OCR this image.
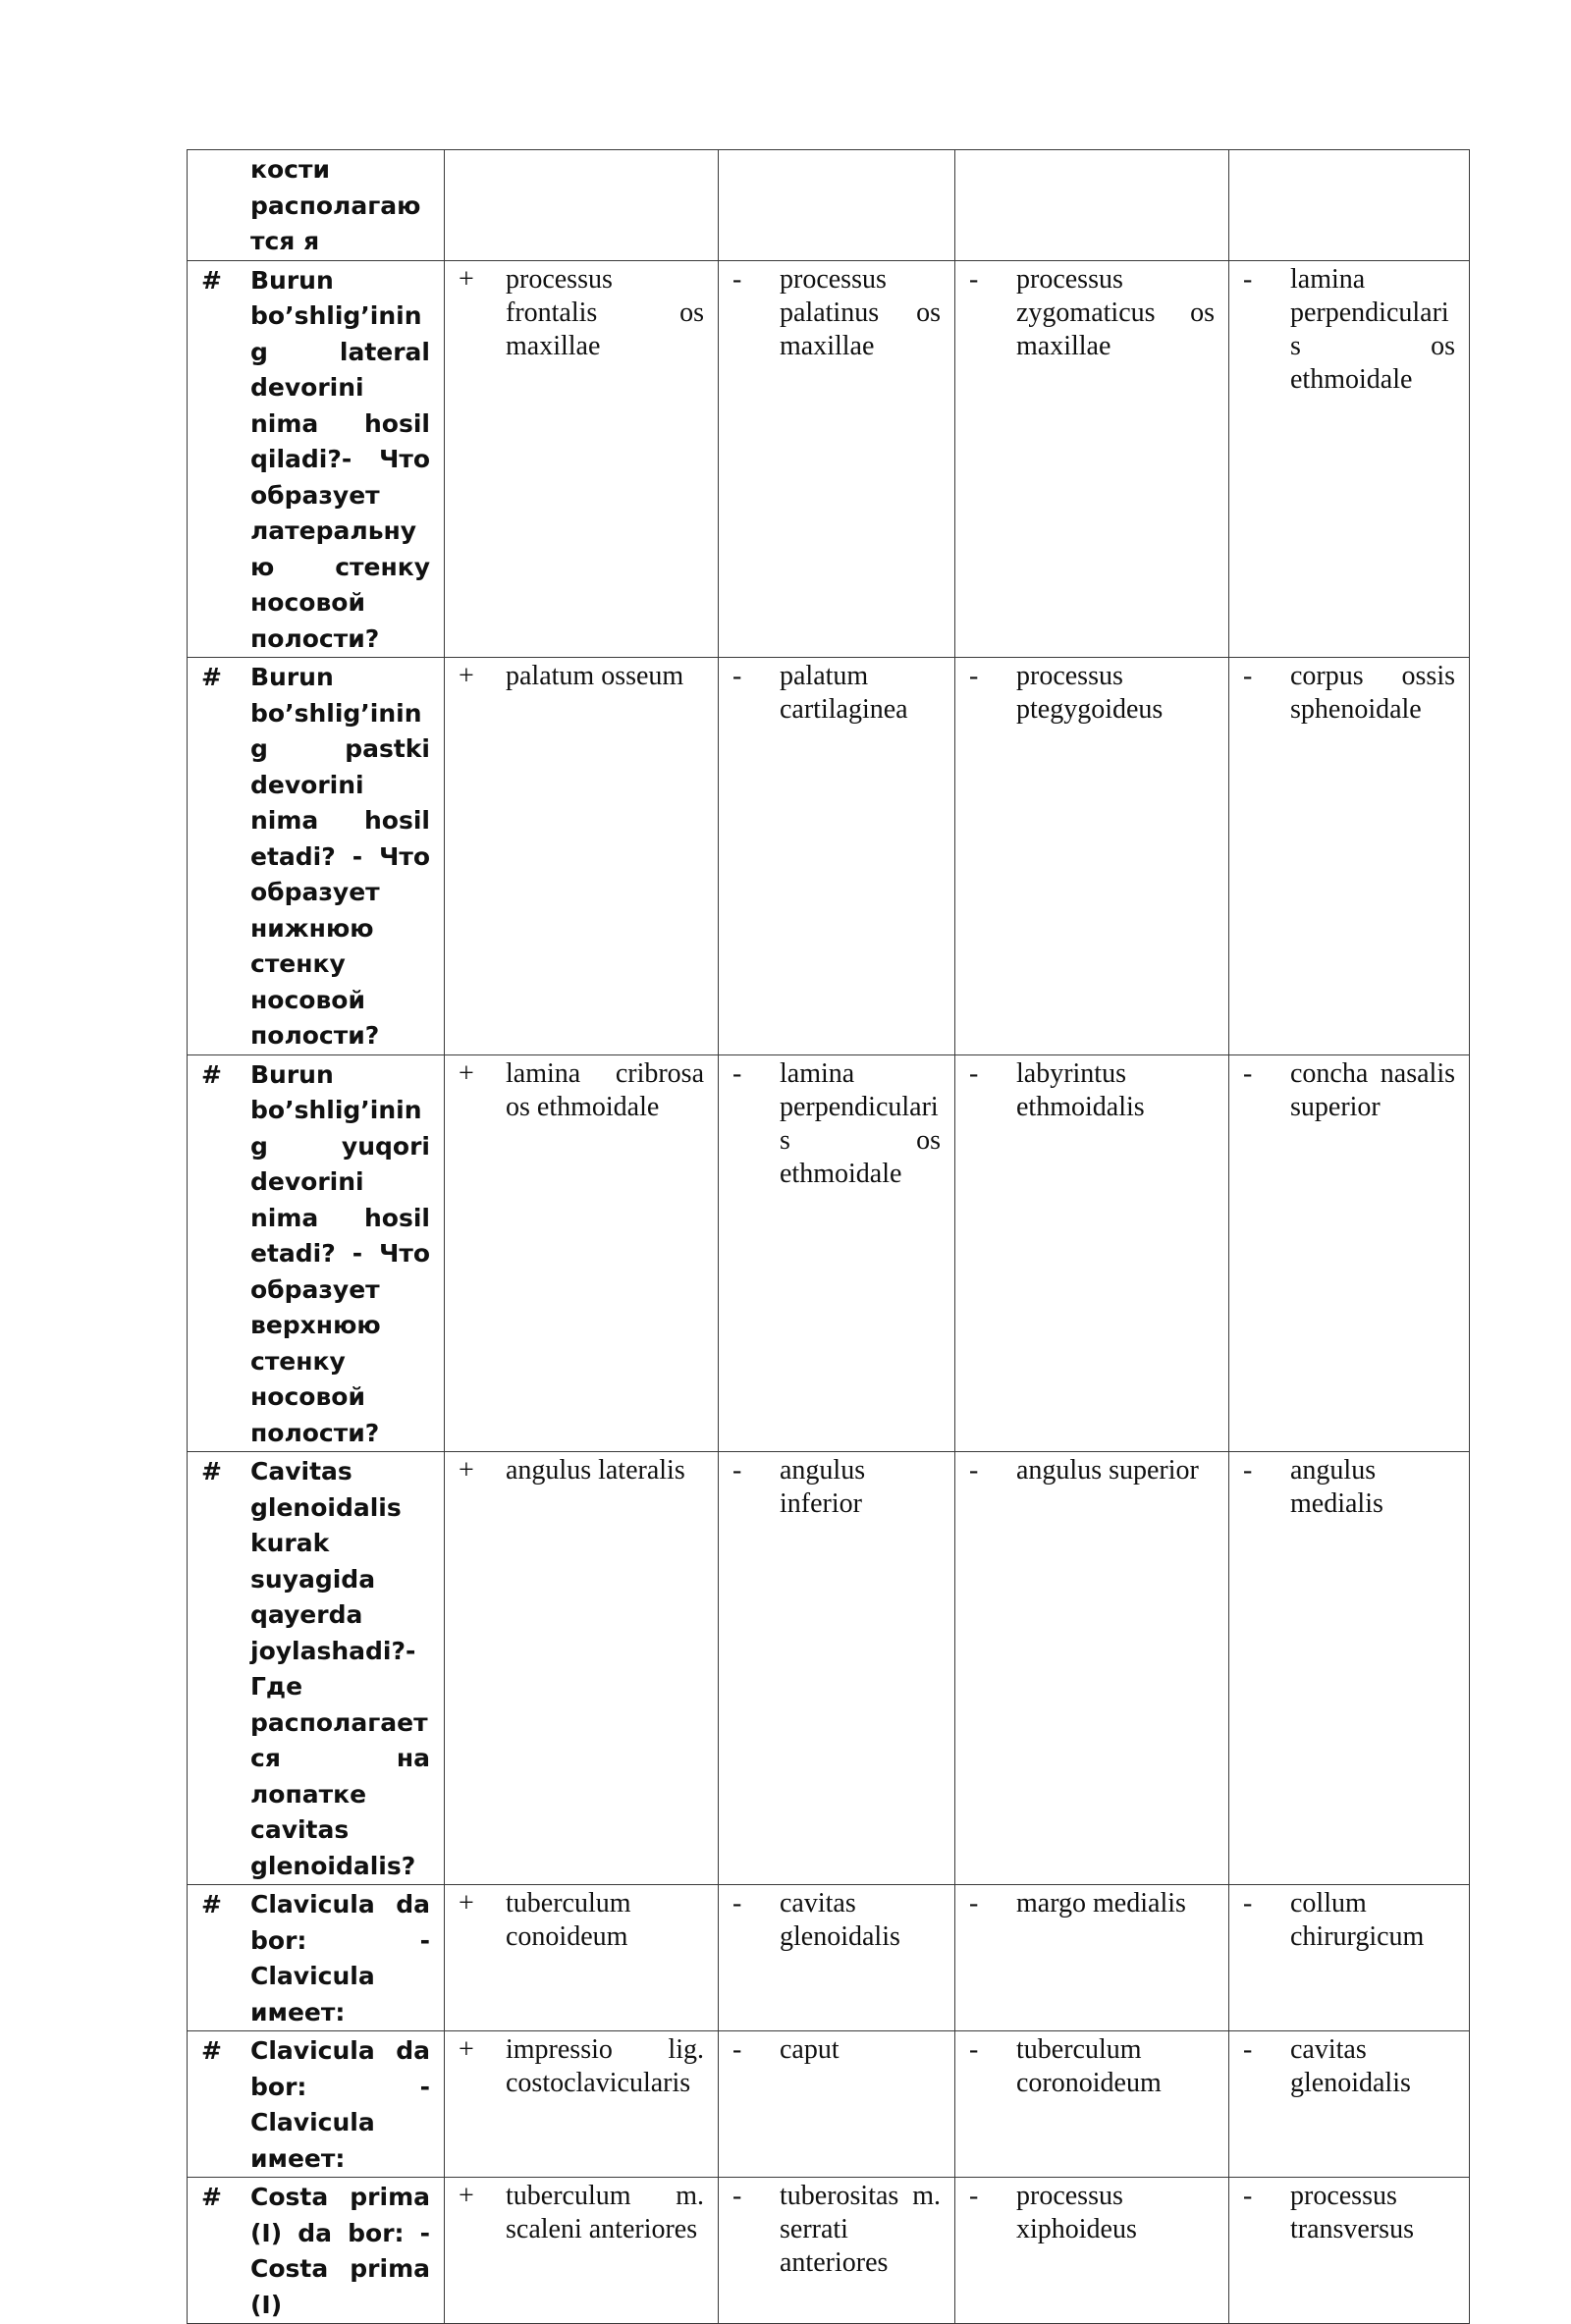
кости располагаются я				

# Burun bo’shlig’ining lateral devorini nima hosil qiladi?- Что образует латеральную стенку носовой полости?	+ processus frontalis os maxillae	- processus palatinus os maxillae	- processus zygomaticus os maxillae	- lamina perpendicularis os ethmoidale

# Burun bo’shlig’ining pastki devorini nima hosil etadi? - Что образует нижнюю стенку носовой полости?	+ palatum osseum	- palatum cartilaginea	- processus ptegygoideus	- corpus ossis sphenoidale

# Burun bo’shlig’ining yuqori devorini nima hosil etadi? - Что образует верхнюю стенку носовой полости?	+ lamina cribrosa os ethmoidale	- lamina perpendicularis os ethmoidale	- labyrintus ethmoidalis	- concha nasalis superior

# Cavitas glenoidalis kurak suyagida qayerda joylashadi?- Где располагается на лопатке cavitas glenoidalis?	+ angulus lateralis	- angulus inferior	- angulus superior	- angulus medialis

# Clavicula da bor: - Clavicula имеет:	+ tuberculum conoideum	- cavitas glenoidalis	- margo medialis	- collum chirurgicum

# Clavicula da bor: - Clavicula имеет:	+ impressio lig. costoclavicularis	- caput	- tuberculum coronoideum	- cavitas glenoidalis

# Costa prima (I) da bor: - Costa prima (I)	+ tuberculum m. scaleni anteriores	- tuberositas m. serrati anteriores	- processus xiphoideus	- processus transversus
